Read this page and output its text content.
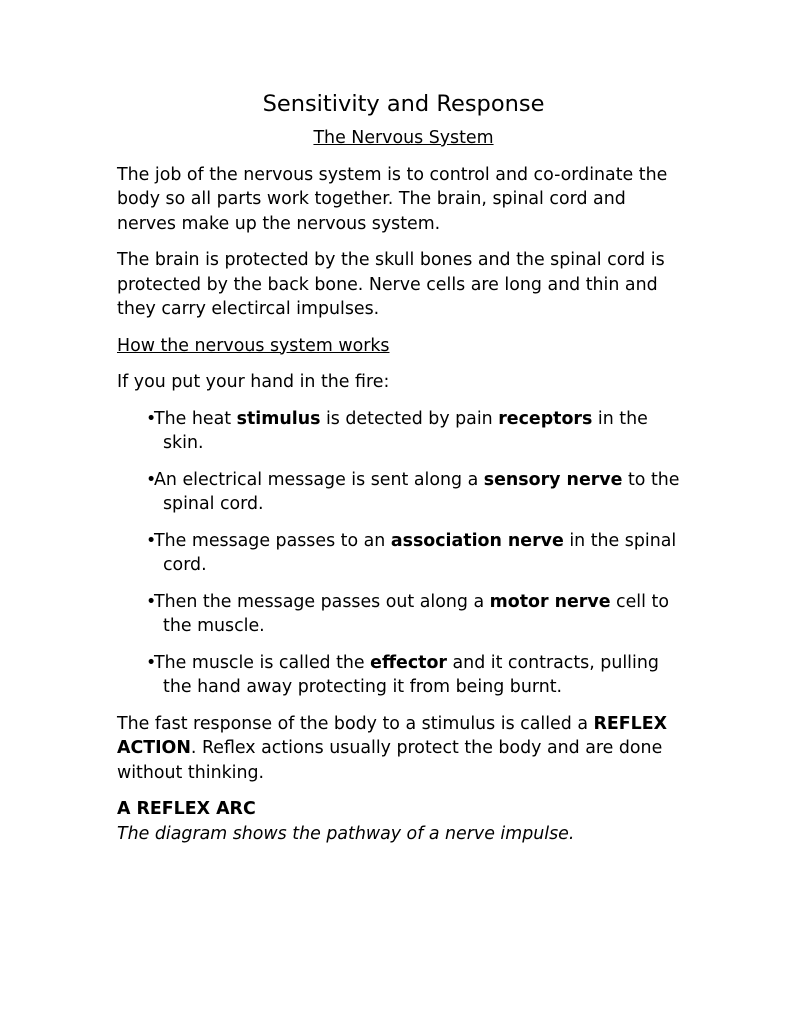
Sensitivity and Response
The Nervous System

The job of the nervous system is to control and co-ordinate the body so all parts work together. The brain, spinal cord and nerves make up the nervous system.

The brain is protected by the skull bones and the spinal cord is protected by the back bone. Nerve cells are long and thin and they carry electircal impulses.

How the nervous system works

If you put your hand in the fire:

•The heat stimulus is detected by pain receptors in the skin.
•An electrical message is sent along a sensory nerve to the spinal cord.
•The message passes to an association nerve in the spinal cord.
•Then the message passes out along a motor nerve cell to the muscle.
•The muscle is called the effector and it contracts, pulling the hand away protecting it from being burnt.

The fast response of the body to a stimulus is called a REFLEX ACTION. Reflex actions usually protect the body and are done without thinking.

A REFLEX ARC

The diagram shows the pathway of a nerve impulse.
